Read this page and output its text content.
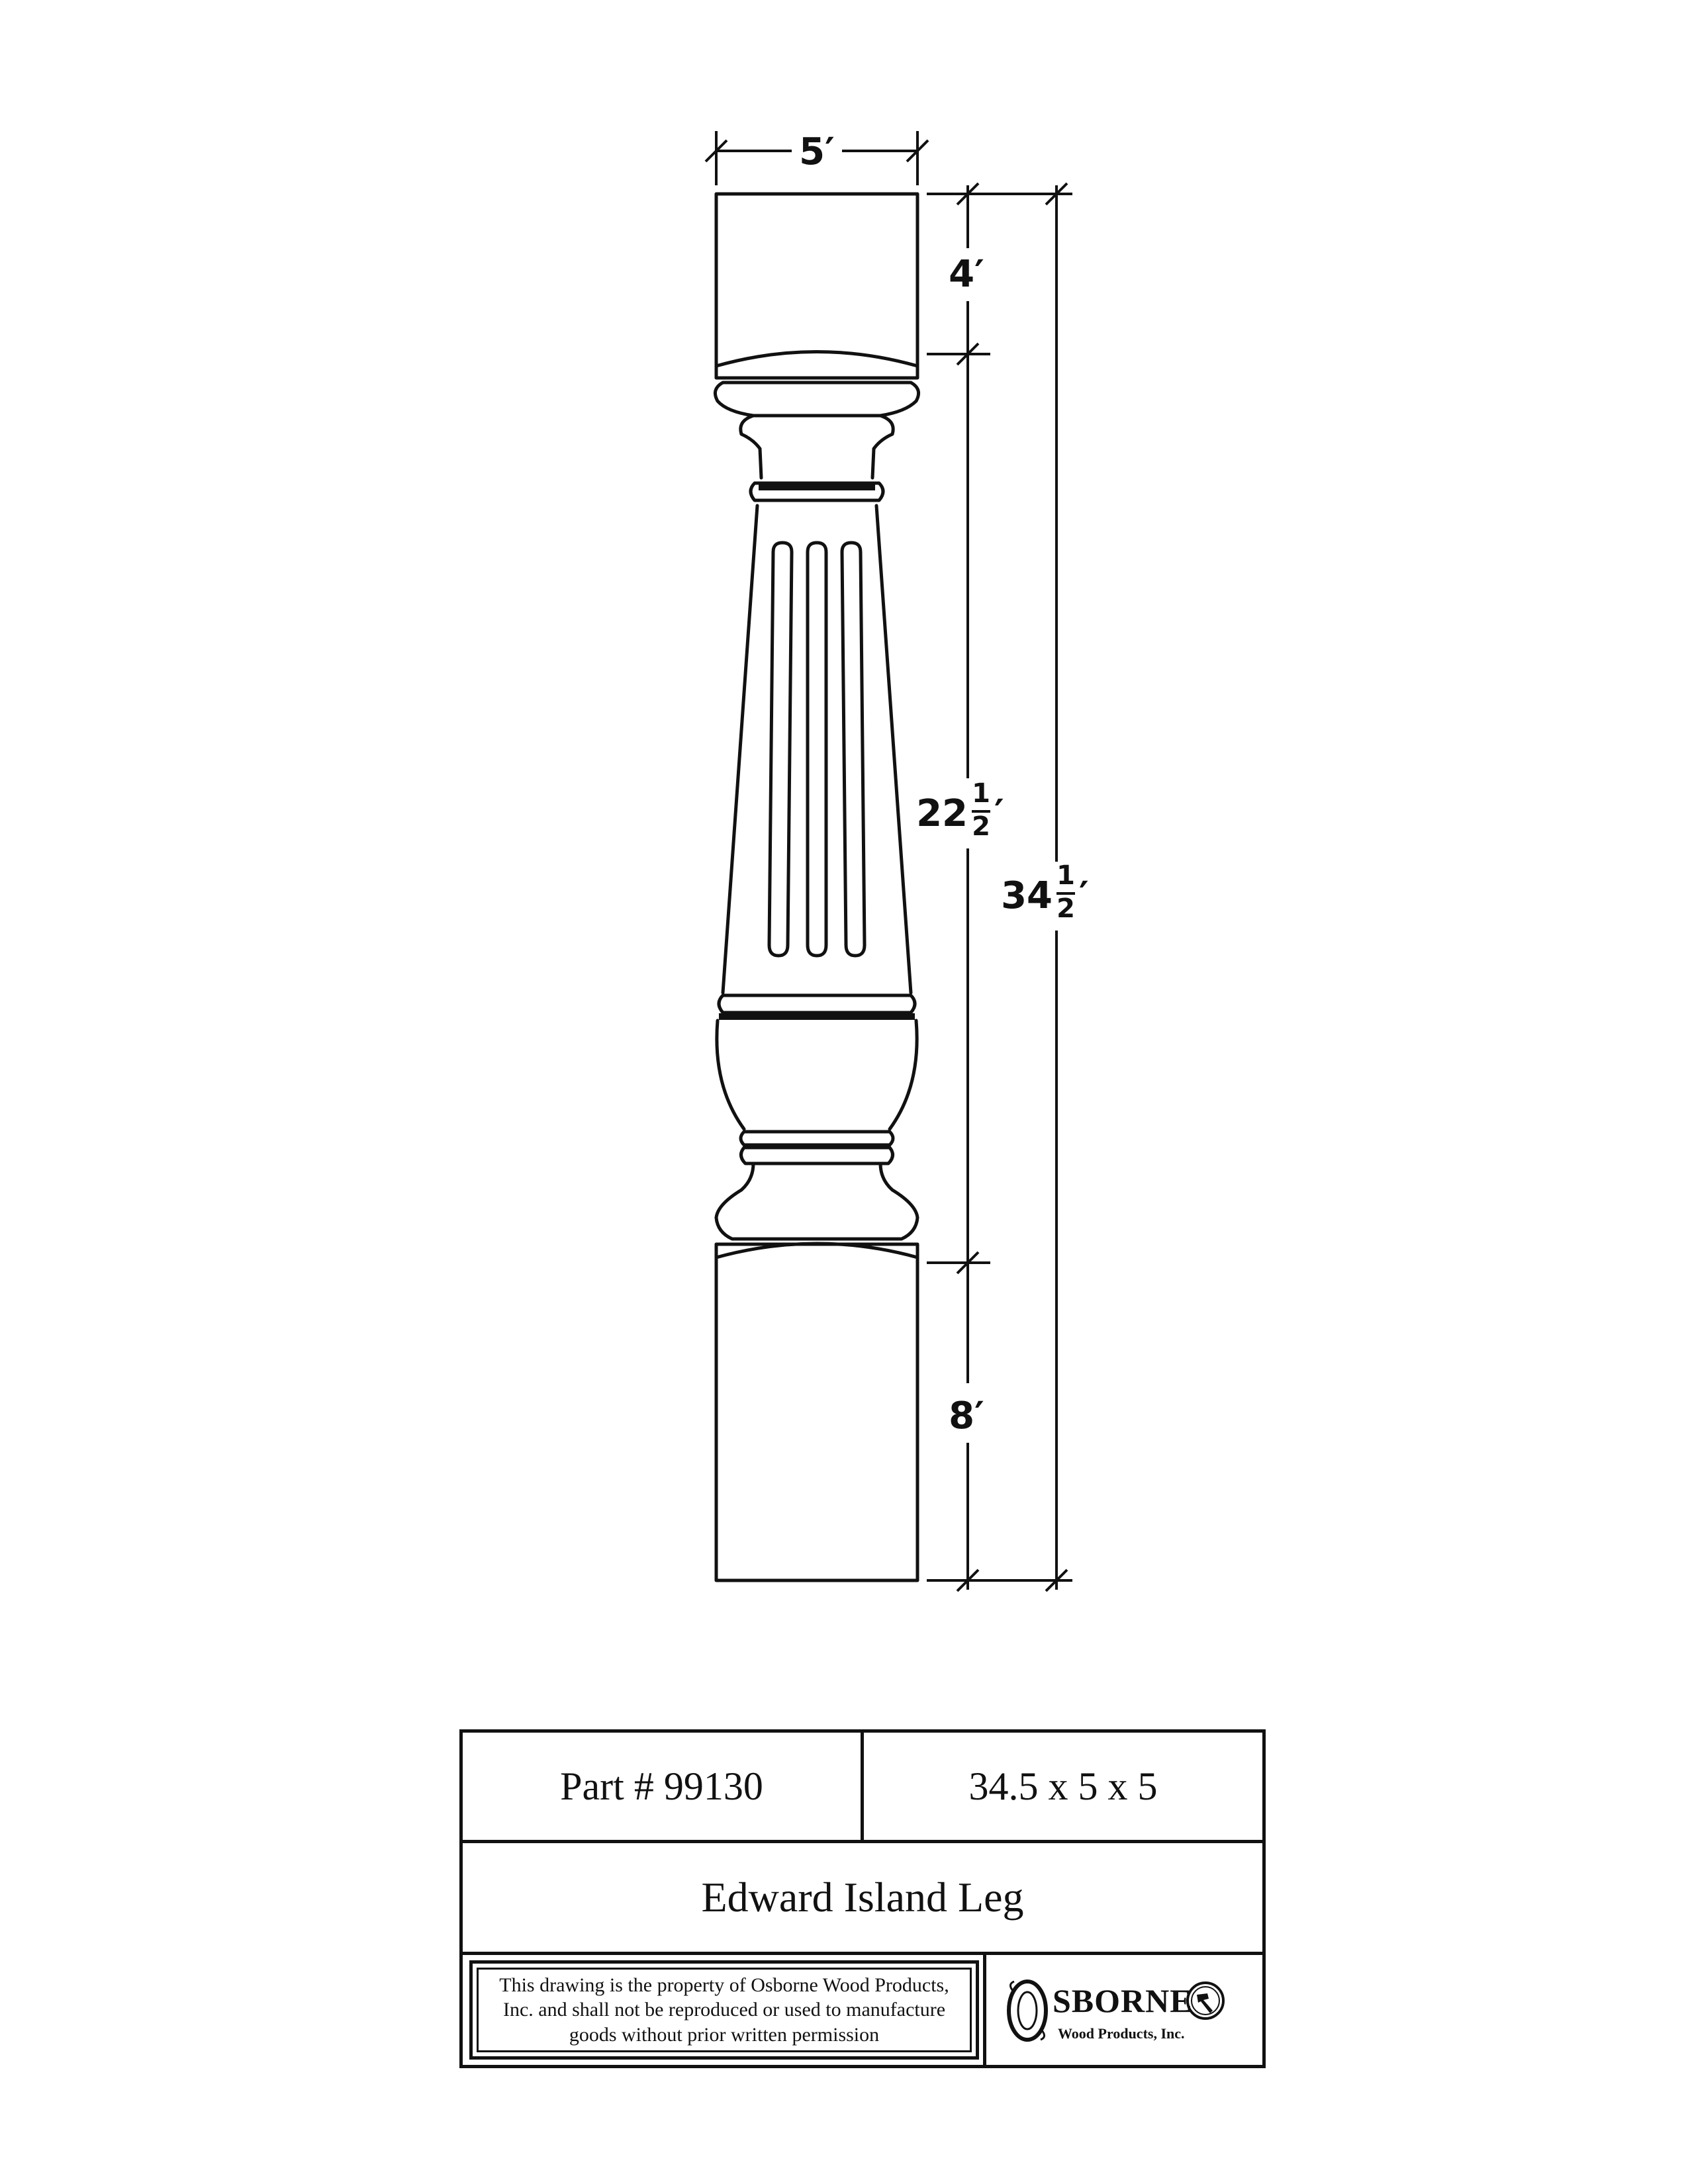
5′
4′
22 1
2 ′
34 1
2 ′
8′
Part # 99130	34.5 x 5 x 5
Edward Island Leg
This drawing is the property of Osborne Wood Products, Inc. and shall not be reproduced or used to manufacture goods without prior written permission
SBORNE
Wood Products, Inc.
